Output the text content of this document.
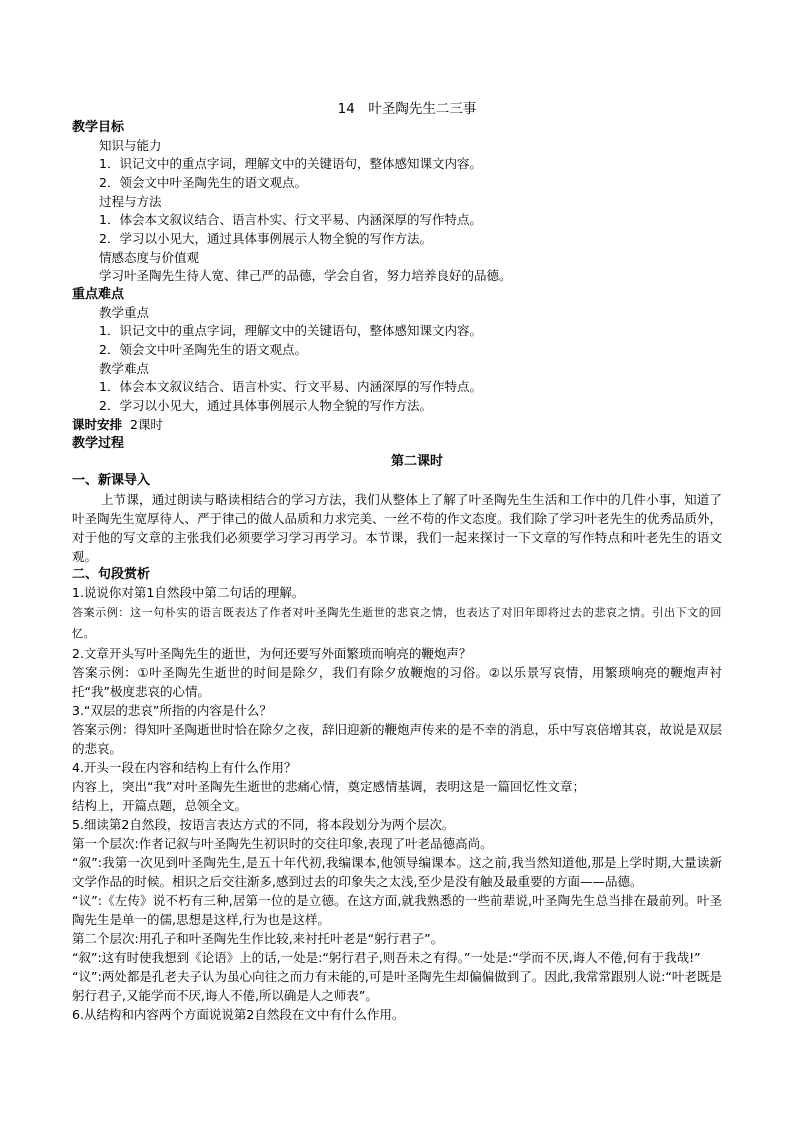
14　叶圣陶先生二三事
教学目标
知识与能力
1．识记文中的重点字词，理解文中的关键语句，整体感知课文内容。
2．领会文中叶圣陶先生的语文观点。
过程与方法
1．体会本文叙议结合、语言朴实、行文平易、内涵深厚的写作特点。
2．学习以小见大，通过具体事例展示人物全貌的写作方法。
情感态度与价值观
学习叶圣陶先生待人宽、律己严的品德，学会自省，努力培养良好的品德。
重点难点
教学重点
1．识记文中的重点字词，理解文中的关键语句，整体感知课文内容。
2．领会文中叶圣陶先生的语文观点。
教学难点
1．体会本文叙议结合、语言朴实、行文平易、内涵深厚的写作特点。
2．学习以小见大，通过具体事例展示人物全貌的写作方法。
课时安排  2课时
教学过程
第二课时
一、新课导入
上节课，通过朗读与略读相结合的学习方法，我们从整体上了解了叶圣陶先生生活和工作中的几件小事，知道了叶圣陶先生宽厚待人、严于律己的做人品质和力求完美、一丝不苟的作文态度。我们除了学习叶老先生的优秀品质外，对于他的写文章的主张我们必须要学习学习再学习。本节课，我们一起来探讨一下文章的写作特点和叶老先生的语文观。
二、句段赏析
1.说说你对第1自然段中第二句话的理解。
答案示例：这一句朴实的语言既表达了作者对叶圣陶先生逝世的悲哀之情，也表达了对旧年即将过去的悲哀之情。引出下文的回忆。
2.文章开头写叶圣陶先生的逝世，为何还要写外面繁琐而响亮的鞭炮声？
答案示例：①叶圣陶先生逝世的时间是除夕，我们有除夕放鞭炮的习俗。②以乐景写哀情，用繁琐响亮的鞭炮声衬托“我”极度悲哀的心情。
3.“双层的悲哀”所指的内容是什么？
答案示例：得知叶圣陶逝世时恰在除夕之夜，辞旧迎新的鞭炮声传来的是不幸的消息，乐中写哀倍增其哀，故说是双层的悲哀。
4.开头一段在内容和结构上有什么作用？
内容上，突出“我”对叶圣陶先生逝世的悲痛心情，奠定感情基调，表明这是一篇回忆性文章；
结构上，开篇点题，总领全文。
5.细读第2自然段，按语言表达方式的不同，将本段划分为两个层次。
第一个层次:作者记叙与叶圣陶先生初识时的交往印象,表现了叶老品德高尚。
“叙”:我第一次见到叶圣陶先生,是五十年代初,我编课本,他领导编课本。这之前,我当然知道他,那是上学时期,大量读新文学作品的时候。相识之后交往渐多,感到过去的印象失之太浅,至少是没有触及最重要的方面——品德。
“议”:《左传》说不朽有三种,居第一位的是立德。在这方面,就我熟悉的一些前辈说,叶圣陶先生总当排在最前列。叶圣陶先生是单一的儒,思想是这样,行为也是这样。
第二个层次:用孔子和叶圣陶先生作比较,来衬托叶老是“躬行君子”。
“叙”:这有时使我想到《论语》上的话,一处是:“躬行君子,则吾未之有得。”一处是:“学而不厌,诲人不倦,何有于我哉!”
“议”:两处都是孔老夫子认为虽心向往之而力有未能的,可是叶圣陶先生却偏偏做到了。因此,我常常跟别人说:“叶老既是躬行君子,又能学而不厌,诲人不倦,所以确是人之师表”。
6.从结构和内容两个方面说说第2自然段在文中有什么作用。
